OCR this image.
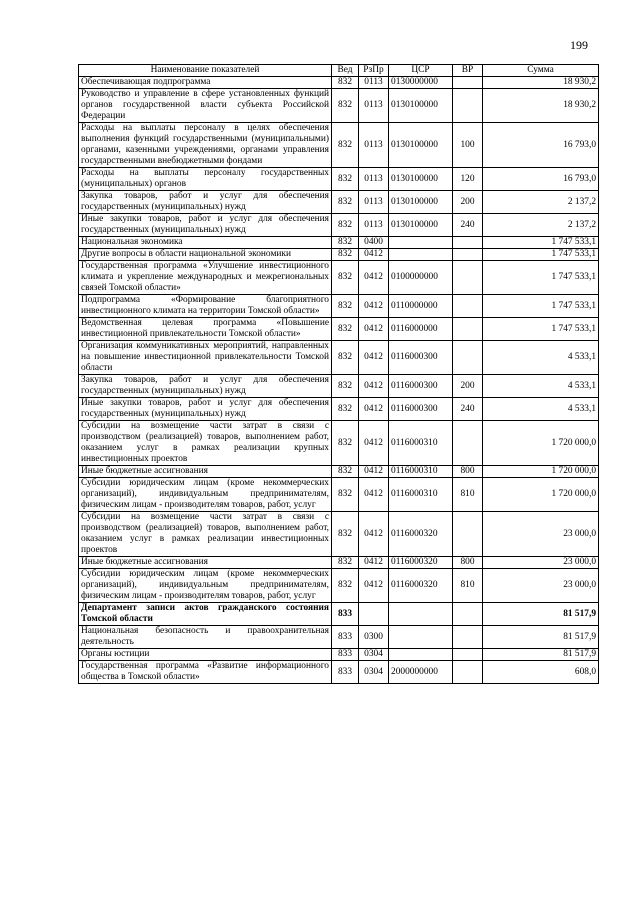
199
Наименование показателей	Вед	РзПр	ЦСР	ВР	Сумма
Обеспечивающая подпрограмма	832	0113	0130000000		18 930,2
Руководство и управление в сфере установленных функций органов государственной власти субъекта Российской Федерации	832	0113	0130100000		18 930,2
Расходы на выплаты персоналу в целях обеспечения выполнения функций государственными (муниципальными) органами, казенными учреждениями, органами управления государственными внебюджетными фондами	832	0113	0130100000	100	16 793,0
Расходы на выплаты персоналу государственных (муниципальных) органов	832	0113	0130100000	120	16 793,0
Закупка товаров, работ и услуг для обеспечения государственных (муниципальных) нужд	832	0113	0130100000	200	2 137,2
Иные закупки товаров, работ и услуг для обеспечения государственных (муниципальных) нужд	832	0113	0130100000	240	2 137,2
Национальная экономика	832	0400			1 747 533,1
Другие вопросы в области национальной экономики	832	0412			1 747 533,1
Государственная программа «Улучшение инвестиционного климата и укрепление международных и межрегиональных связей Томской области»	832	0412	0100000000		1 747 533,1
Подпрограмма «Формирование благоприятного инвестиционного климата на территории Томской области»	832	0412	0110000000		1 747 533,1
Ведомственная целевая программа «Повышение инвестиционной привлекательности Томской области»	832	0412	0116000000		1 747 533,1
Организация коммуникативных мероприятий, направленных на повышение инвестиционной привлекательности Томской области	832	0412	0116000300		4 533,1
Закупка товаров, работ и услуг для обеспечения государственных (муниципальных) нужд	832	0412	0116000300	200	4 533,1
Иные закупки товаров, работ и услуг для обеспечения государственных (муниципальных) нужд	832	0412	0116000300	240	4 533,1
Субсидии на возмещение части затрат в связи с производством (реализацией) товаров, выполнением работ, оказанием услуг в рамках реализации крупных инвестиционных проектов	832	0412	0116000310		1 720 000,0
Иные бюджетные ассигнования	832	0412	0116000310	800	1 720 000,0
Субсидии юридическим лицам (кроме некоммерческих организаций), индивидуальным предпринимателям, физическим лицам - производителям товаров, работ, услуг	832	0412	0116000310	810	1 720 000,0
Субсидии на возмещение части затрат в связи с производством (реализацией) товаров, выполнением работ, оказанием услуг в рамках реализации инвестиционных проектов	832	0412	0116000320		23 000,0
Иные бюджетные ассигнования	832	0412	0116000320	800	23 000,0
Субсидии юридическим лицам (кроме некоммерческих организаций), индивидуальным предпринимателям, физическим лицам - производителям товаров, работ, услуг	832	0412	0116000320	810	23 000,0
Департамент записи актов гражданского состояния Томской области	833				81 517,9
Национальная безопасность и правоохранительная деятельность	833	0300			81 517,9
Органы юстиции	833	0304			81 517,9
Государственная программа «Развитие информационного общества в Томской области»	833	0304	2000000000		608,0
